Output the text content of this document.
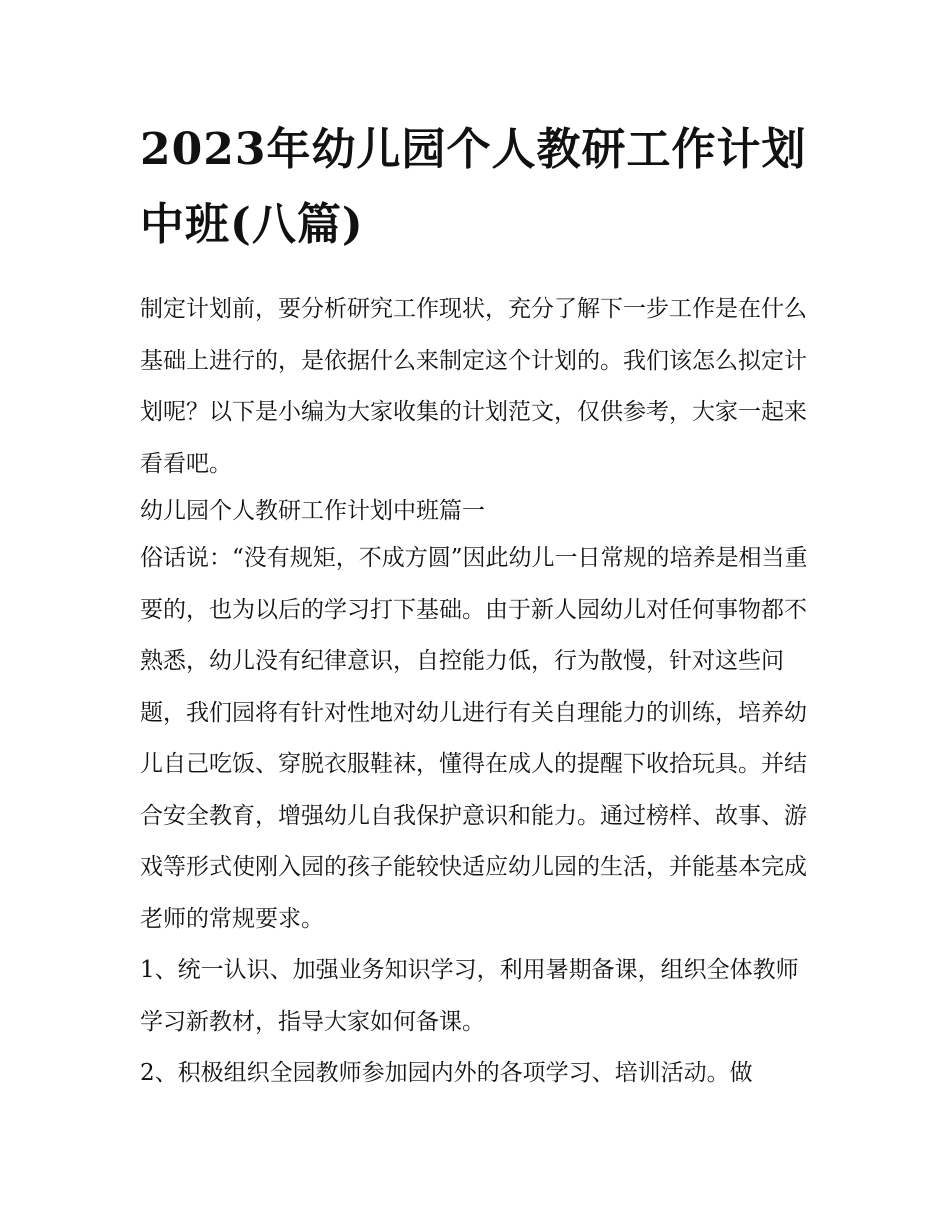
2023年幼儿园个人教研工作计划中班(八篇)

制定计划前，要分析研究工作现状，充分了解下一步工作是在什么基础上进行的，是依据什么来制定这个计划的。我们该怎么拟定计划呢？以下是小编为大家收集的计划范文，仅供参考，大家一起来看看吧。

幼儿园个人教研工作计划中班篇一

俗话说：“没有规矩，不成方圆”因此幼儿一日常规的培养是相当重要的，也为以后的学习打下基础。由于新人园幼儿对任何事物都不熟悉，幼儿没有纪律意识，自控能力低，行为散慢，针对这些问题，我们园将有针对性地对幼儿进行有关自理能力的训练，培养幼儿自己吃饭、穿脱衣服鞋袜，懂得在成人的提醒下收拾玩具。并结合安全教育，增强幼儿自我保护意识和能力。通过榜样、故事、游戏等形式使刚入园的孩子能较快适应幼儿园的生活，并能基本完成老师的常规要求。

1、统一认识、加强业务知识学习，利用暑期备课，组织全体教师学习新教材，指导大家如何备课。

2、积极组织全园教师参加园内外的各项学习、培训活动。做
